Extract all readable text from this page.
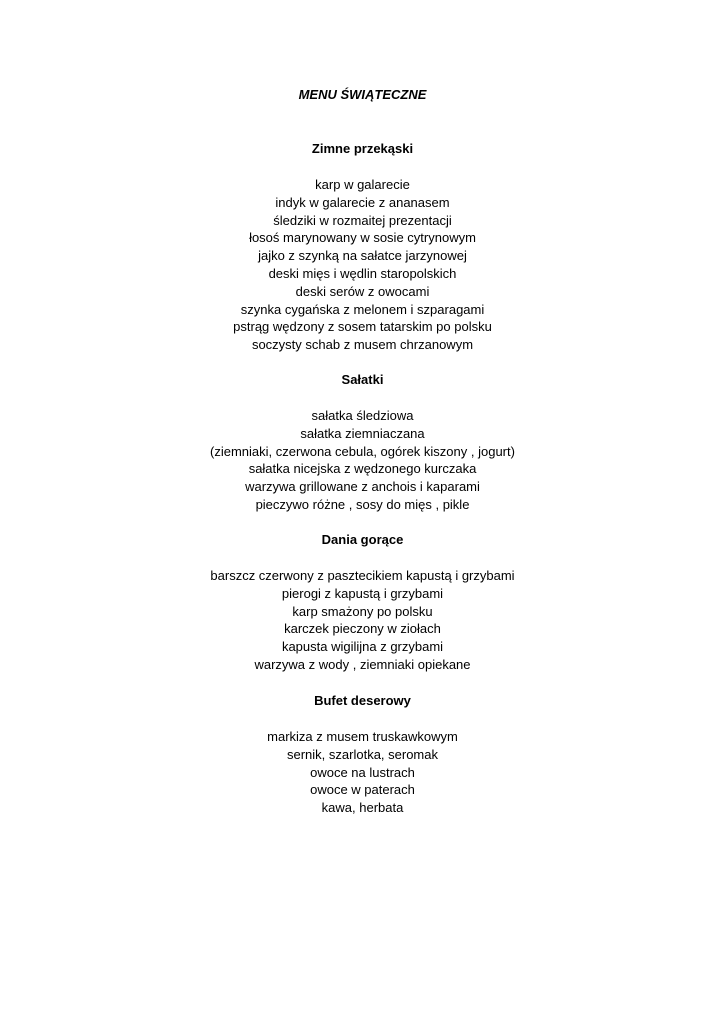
MENU ŚWIĄTECZNE
Zimne przekąski
karp w galarecie
indyk w galarecie z ananasem
śledziki w rozmaitej prezentacji
łosoś marynowany w sosie cytrynowym
jajko z szynką na sałatce jarzynowej
deski mięs i wędlin staropolskich
deski serów z owocami
szynka cygańska z melonem i szparagami
pstrąg wędzony z sosem tatarskim po polsku
soczysty schab z musem chrzanowym
Sałatki
sałatka śledziowa
sałatka ziemniaczana
(ziemniaki, czerwona cebula, ogórek kiszony , jogurt)
sałatka nicejska z wędzonego kurczaka
warzywa grillowane z anchois i kaparami
pieczywo różne , sosy do mięs , pikle
Dania gorące
barszcz czerwony z pasztecikiem kapustą i grzybami
pierogi z kapustą i grzybami
karp smażony po polsku
karczek pieczony w ziołach
kapusta wigilijna z grzybami
warzywa z wody , ziemniaki opiekane
Bufet deserowy
markiza z musem truskawkowym
sernik, szarlotka, seromak
owoce na lustrach
owoce w paterach
kawa, herbata
